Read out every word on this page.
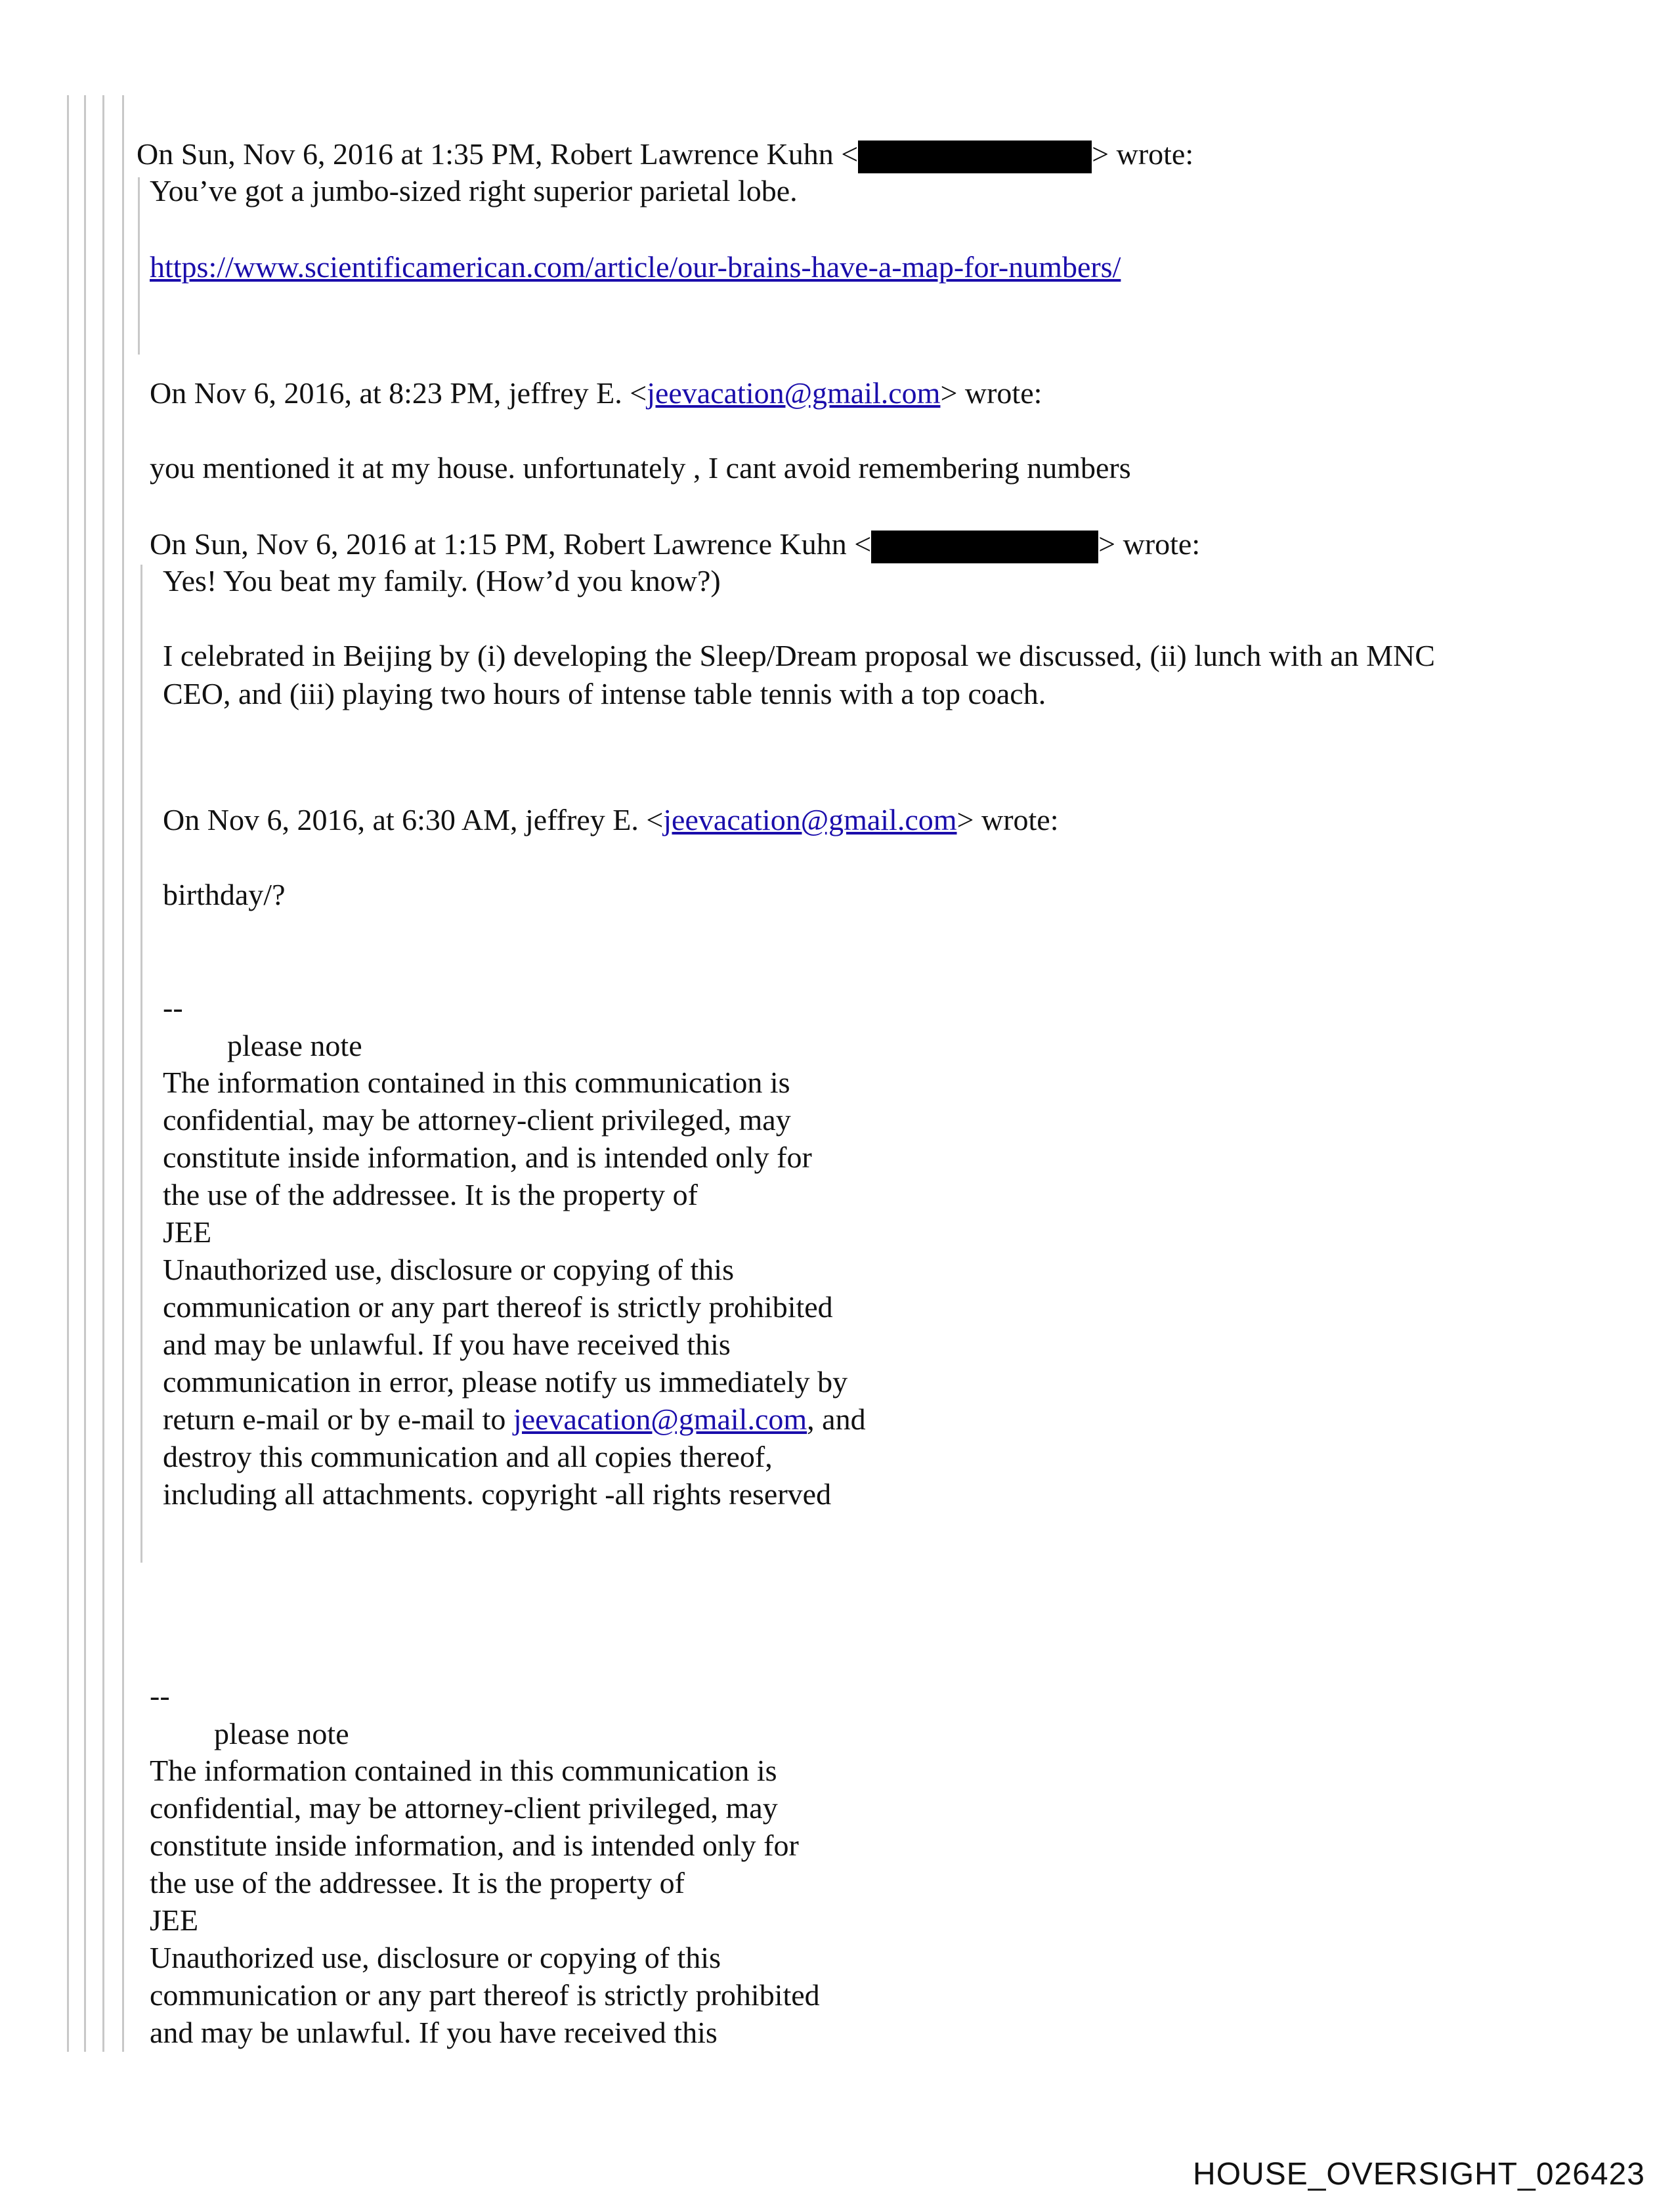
On Sun, Nov 6, 2016 at 1:35 PM, Robert Lawrence Kuhn <	> wrote:
You’ve got a jumbo-sized right superior parietal lobe.
https://www.scientificamerican.com/article/our-brains-have-a-map-for-numbers/
On Nov 6, 2016, at 8:23 PM, jeffrey E. <jeevacation@gmail.com> wrote:
you mentioned it at my house. unfortunately , I cant avoid remembering numbers
On Sun, Nov 6, 2016 at 1:15 PM, Robert Lawrence Kuhn <	> wrote:
Yes! You beat my family. (How’d you know?)
I celebrated in Beijing by (i) developing the Sleep/Dream proposal we discussed, (ii) lunch with an MNC
CEO, and (iii) playing two hours of intense table tennis with a top coach.
On Nov 6, 2016, at 6:30 AM, jeffrey E. <jeevacation@gmail.com> wrote:
birthday/?
--
please note
The information contained in this communication is
confidential, may be attorney-client privileged, may
constitute inside information, and is intended only for
the use of the addressee. It is the property of
JEE
Unauthorized use, disclosure or copying of this
communication or any part thereof is strictly prohibited
and may be unlawful. If you have received this
communication in error, please notify us immediately by
return e-mail or by e-mail to jeevacation@gmail.com, and
destroy this communication and all copies thereof,
including all attachments. copyright -all rights reserved
--
please note
The information contained in this communication is
confidential, may be attorney-client privileged, may
constitute inside information, and is intended only for
the use of the addressee. It is the property of
JEE
Unauthorized use, disclosure or copying of this
communication or any part thereof is strictly prohibited
and may be unlawful. If you have received this
HOUSE_OVERSIGHT_026423
